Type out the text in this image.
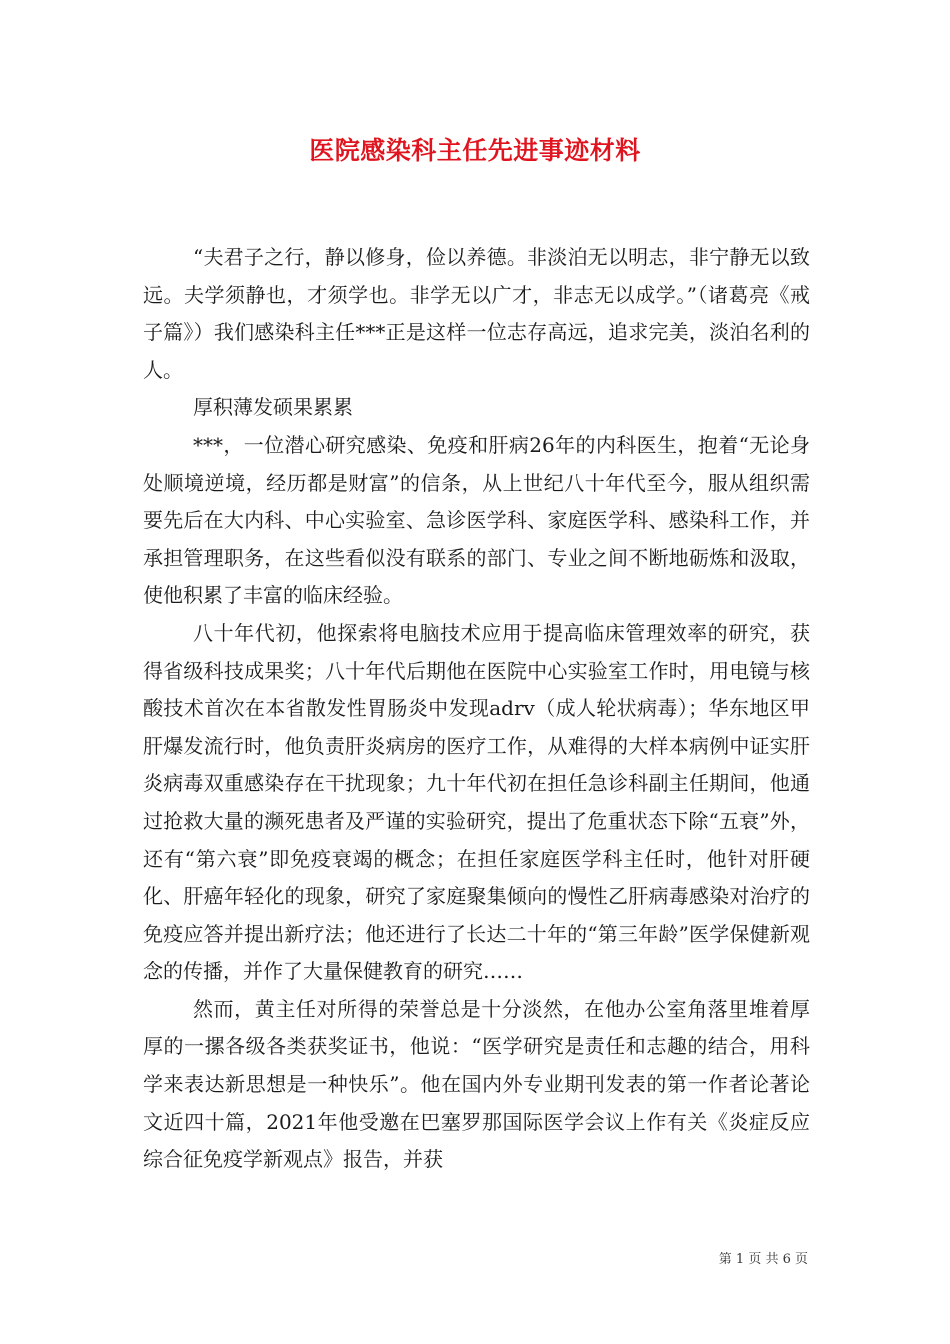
医院感染科主任先进事迹材料

“夫君子之行，静以修身，俭以养德。非淡泊无以明志，非宁静无以致远。夫学须静也，才须学也。非学无以广才，非志无以成学。”（诸葛亮《戒子篇》）我们感染科主任***正是这样一位志存高远，追求完美，淡泊名利的人。

厚积薄发硕果累累

***，一位潜心研究感染、免疫和肝病26年的内科医生，抱着“无论身处顺境逆境，经历都是财富”的信条，从上世纪八十年代至今，服从组织需要先后在大内科、中心实验室、急诊医学科、家庭医学科、感染科工作，并承担管理职务，在这些看似没有联系的部门、专业之间不断地砺炼和汲取，使他积累了丰富的临床经验。

八十年代初，他探索将电脑技术应用于提高临床管理效率的研究，获得省级科技成果奖；八十年代后期他在医院中心实验室工作时，用电镜与核酸技术首次在本省散发性胃肠炎中发现adrv（成人轮状病毒）；华东地区甲肝爆发流行时，他负责肝炎病房的医疗工作，从难得的大样本病例中证实肝炎病毒双重感染存在干扰现象；九十年代初在担任急诊科副主任期间，他通过抢救大量的濒死患者及严谨的实验研究，提出了危重状态下除“五衰”外，还有“第六衰”即免疫衰竭的概念；在担任家庭医学科主任时，他针对肝硬化、肝癌年轻化的现象，研究了家庭聚集倾向的慢性乙肝病毒感染对治疗的免疫应答并提出新疗法；他还进行了长达二十年的“第三年龄”医学保健新观念的传播，并作了大量保健教育的研究……

然而，黄主任对所得的荣誉总是十分淡然，在他办公室角落里堆着厚厚的一摞各级各类获奖证书，他说：“医学研究是责任和志趣的结合，用科学来表达新思想是一种快乐”。他在国内外专业期刊发表的第一作者论著论文近四十篇，2021年他受邀在巴塞罗那国际医学会议上作有关《炎症反应综合征免疫学新观点》报告，并获

第 1 页 共 6 页
